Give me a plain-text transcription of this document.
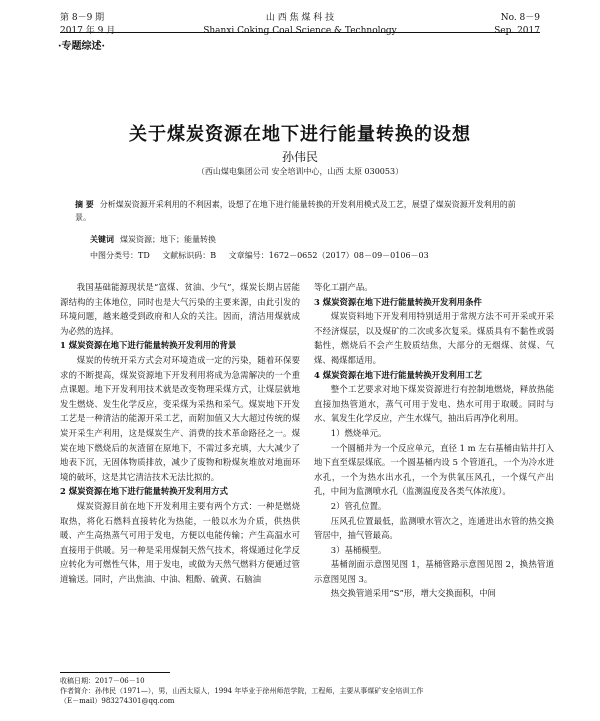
第 8－9 期
2017 年 9 月
山 西 焦 煤 科 技
Shanxi Coking Coal Science & Technology
No. 8－9
Sep. 2017
·专题综述·
关于煤炭资源在地下进行能量转换的设想
孙伟民
（西山煤电集团公司 安全培训中心，山西 太原 030053）
摘 要 分析煤炭资源开采利用的不利因素，设想了在地下进行能量转换的开发利用模式及工艺，展望了煤炭资源开发利用的前景。
关键词 煤炭资源；地下；能量转换
中图分类号：TD 文献标识码：B 文章编号：1672－0652（2017）08－09－0106－03

我国基础能源现状是“富煤、贫油、少气”，煤炭长期占居能源结构的主体地位，同时也是大气污染的主要来源，由此引发的环境问题，越来越受到政府和人众的关注。因而，清洁用煤就成为必然的选择。

1 煤炭资源在地下进行能量转换开发利用的背景

煤炭的传统开采方式会对环境造成一定的污染，随着环保要求的不断提高，煤炭资源地下开发利用将成为急需解决的一个重点课题。地下开发利用技术就是改变物理采煤方式，让煤层就地发生燃烧、发生化学反应，变采煤为采热和采气。煤炭地下开发工艺是一种清洁的能源开采工艺，而附加值又大大超过传统的煤炭开采生产利用，这是煤炭生产、消费的技术革命路径之一。煤炭在地下燃烧后的灰渣留在原地下，不需过多充填，大大减少了地表下沉，无固体物质排放，减少了废物和粉煤灰堆放对地面环境的破坏，这是其它清洁技术无法比拟的。

2 煤炭资源在地下进行能量转换开发利用方式

煤炭资源目前在地下开发利用主要有两个方式：一种是燃烧取热，将化石燃料直接转化为热能，一般以水为介质，供热供暖、产生高热蒸气可用于发电，方便以电能传输；产生高温水可直接用于供暖。另一种是采用煤制天然气技术，将煤通过化学反应转化为可燃性气体，用于发电，或做为天然气燃料方便通过管道输送。同时，产出焦油、中油、粗酚、硫黄、石脑油

等化工副产品。

3 煤炭资源在地下进行能量转换开发利用条件

煤炭资料地下开发利用特别适用于常规方法不可开采或开采不经济煤层，以及煤矿的二次或多次复采。煤质具有不黏性或弱黏性，燃烧后不会产生胶质结焦，大部分的无烟煤、贫煤、气煤、褐煤都适用。

4 煤炭资源在地下进行能量转换开发利用工艺

整个工艺要求对地下煤炭资源进行有控制地燃烧，释放热能直接加热管道水，蒸气可用于发电、热水可用于取暖。同时与水、氧发生化学反应，产生水煤气，抽出后再净化利用。

1）燃烧单元。

一个圆桶并为一个反应单元，直径 1 m 左右基桶由钻井打入地下直至煤层煤底。一个圆基桶内设 5 个管道孔，一个为冷水进水孔，一个为热水出水孔，一个为供氧压风孔，一个煤气产出孔，中间为监测喷水孔（监测温度及各类气体浓度）。

2）管孔位置。

压风孔位置最低，监测喷水管次之，连通进出水管的热交换管居中，抽气管最高。

3）基桶模型。

基桶剖面示意图见图 1，基桶管路示意图见图 2，换热管道示意图见图 3。

热交换管道采用“S”形，增大交换面积，中间

收稿日期：2017－06－10
作者简介：孙伟民（1971—），男，山西太原人，1994 年毕业于徐州师范学院，工程师，主要从事煤矿安全培训工作
（E－mail）983274301@qq.com
